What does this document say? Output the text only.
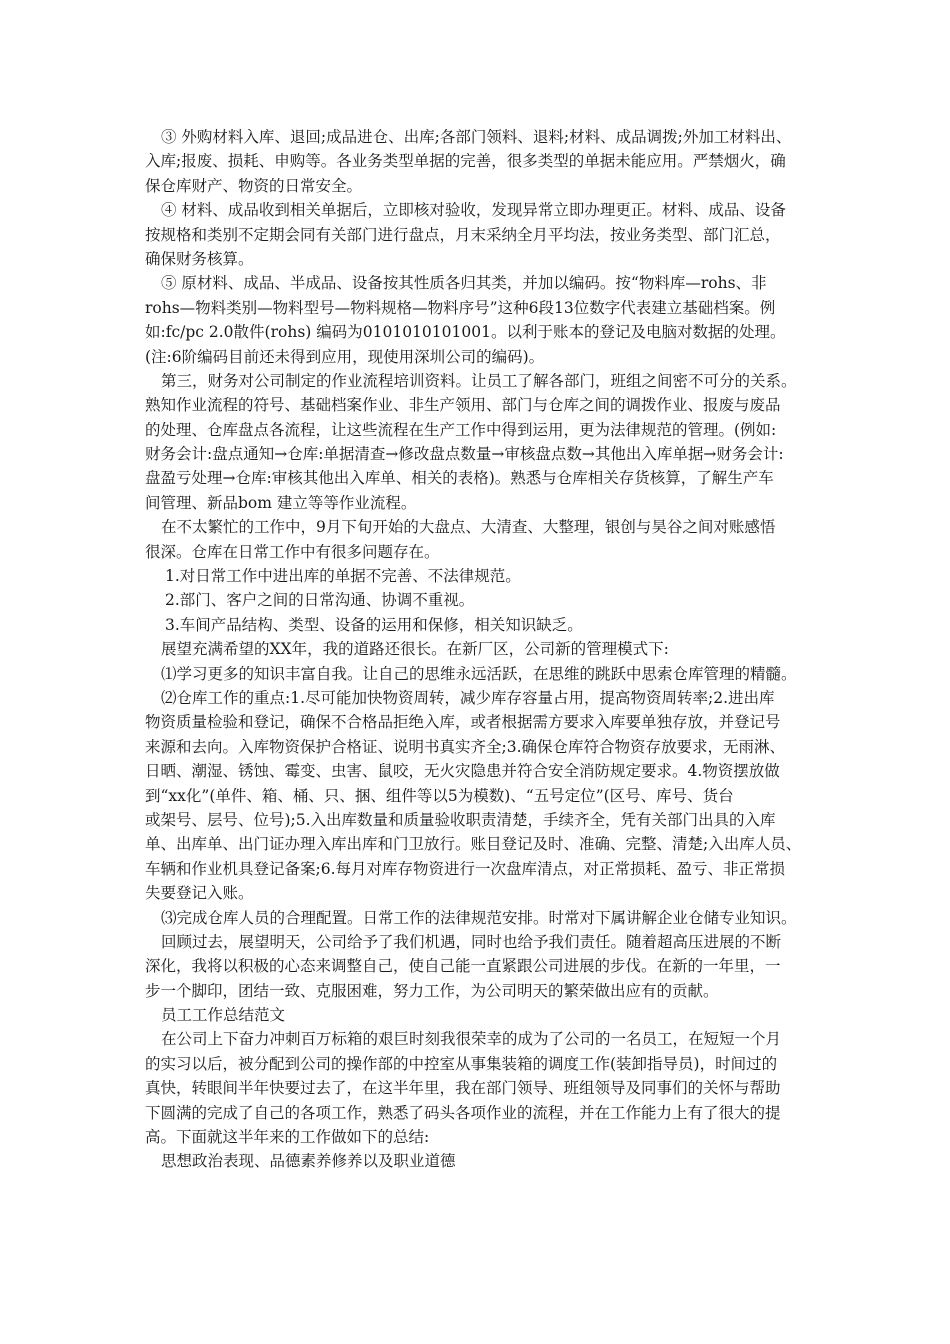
③ 外购材料入库、退回;成品进仓、出库;各部门领料、退料;材料、成品调拨;外加工材料出、
入库;报废、损耗、申购等。各业务类型单据的完善，很多类型的单据未能应用。严禁烟火，确
保仓库财产、物资的日常安全。
④ 材料、成品收到相关单据后，立即核对验收，发现异常立即办理更正。材料、成品、设备
按规格和类别不定期会同有关部门进行盘点，月末采纳全月平均法，按业务类型、部门汇总，
确保财务核算。
⑤ 原材料、成品、半成品、设备按其性质各归其类，并加以编码。按“物料库—rohs、非
rohs—物料类别—物料型号—物料规格—物料序号”这种6段13位数字代表建立基础档案。例
如:fc/pc 2.0散件(rohs) 编码为0101010101001。以利于账本的登记及电脑对数据的处理。
(注:6阶编码目前还未得到应用，现使用深圳公司的编码)。
第三，财务对公司制定的作业流程培训资料。让员工了解各部门，班组之间密不可分的关系。
熟知作业流程的符号、基础档案作业、非生产领用、部门与仓库之间的调拨作业、报废与废品
的处理、仓库盘点各流程，让这些流程在生产工作中得到运用，更为法律规范的管理。(例如:
财务会计:盘点通知→仓库:单据清查→修改盘点数量→审核盘点数→其他出入库单据→财务会计:
盘盈亏处理→仓库:审核其他出入库单、相关的表格)。熟悉与仓库相关存货核算，了解生产车
间管理、新品bom 建立等等作业流程。
在不太繁忙的工作中，9月下旬开始的大盘点、大清查、大整理，银创与昊谷之间对账感悟
很深。仓库在日常工作中有很多问题存在。
1.对日常工作中进出库的单据不完善、不法律规范。
2.部门、客户之间的日常沟通、协调不重视。
3.车间产品结构、类型、设备的运用和保修，相关知识缺乏。
展望充满希望的XX年，我的道路还很长。在新厂区，公司新的管理模式下:
⑴学习更多的知识丰富自我。让自己的思维永远活跃，在思维的跳跃中思索仓库管理的精髓。
⑵仓库工作的重点:1.尽可能加快物资周转，减少库存容量占用，提高物资周转率;2.进出库
物资质量检验和登记，确保不合格品拒绝入库，或者根据需方要求入库要单独存放，并登记号
来源和去向。入库物资保护合格证、说明书真实齐全;3.确保仓库符合物资存放要求，无雨淋、
日晒、潮湿、锈蚀、霉变、虫害、鼠咬，无火灾隐患并符合安全消防规定要求。4.物资摆放做
到“xx化”(单件、箱、桶、只、捆、组件等以5为模数)、“五号定位”(区号、库号、货台
或架号、层号、位号);5.入出库数量和质量验收职责清楚，手续齐全，凭有关部门出具的入库
单、出库单、出门证办理入库出库和门卫放行。账目登记及时、准确、完整、清楚;入出库人员、
车辆和作业机具登记备案;6.每月对库存物资进行一次盘库清点，对正常损耗、盈亏、非正常损
失要登记入账。
⑶完成仓库人员的合理配置。日常工作的法律规范安排。时常对下属讲解企业仓储专业知识。
回顾过去，展望明天，公司给予了我们机遇，同时也给予我们责任。随着超高压进展的不断
深化，我将以积极的心态来调整自己，使自己能一直紧跟公司进展的步伐。在新的一年里，一
步一个脚印，团结一致、克服困难，努力工作，为公司明天的繁荣做出应有的贡献。
员工工作总结范文
在公司上下奋力冲刺百万标箱的艰巨时刻我很荣幸的成为了公司的一名员工，在短短一个月
的实习以后，被分配到公司的操作部的中控室从事集装箱的调度工作(装卸指导员)，时间过的
真快，转眼间半年快要过去了，在这半年里，我在部门领导、班组领导及同事们的关怀与帮助
下圆满的完成了自己的各项工作，熟悉了码头各项作业的流程，并在工作能力上有了很大的提
高。下面就这半年来的工作做如下的总结:
思想政治表现、品德素养修养以及职业道德
